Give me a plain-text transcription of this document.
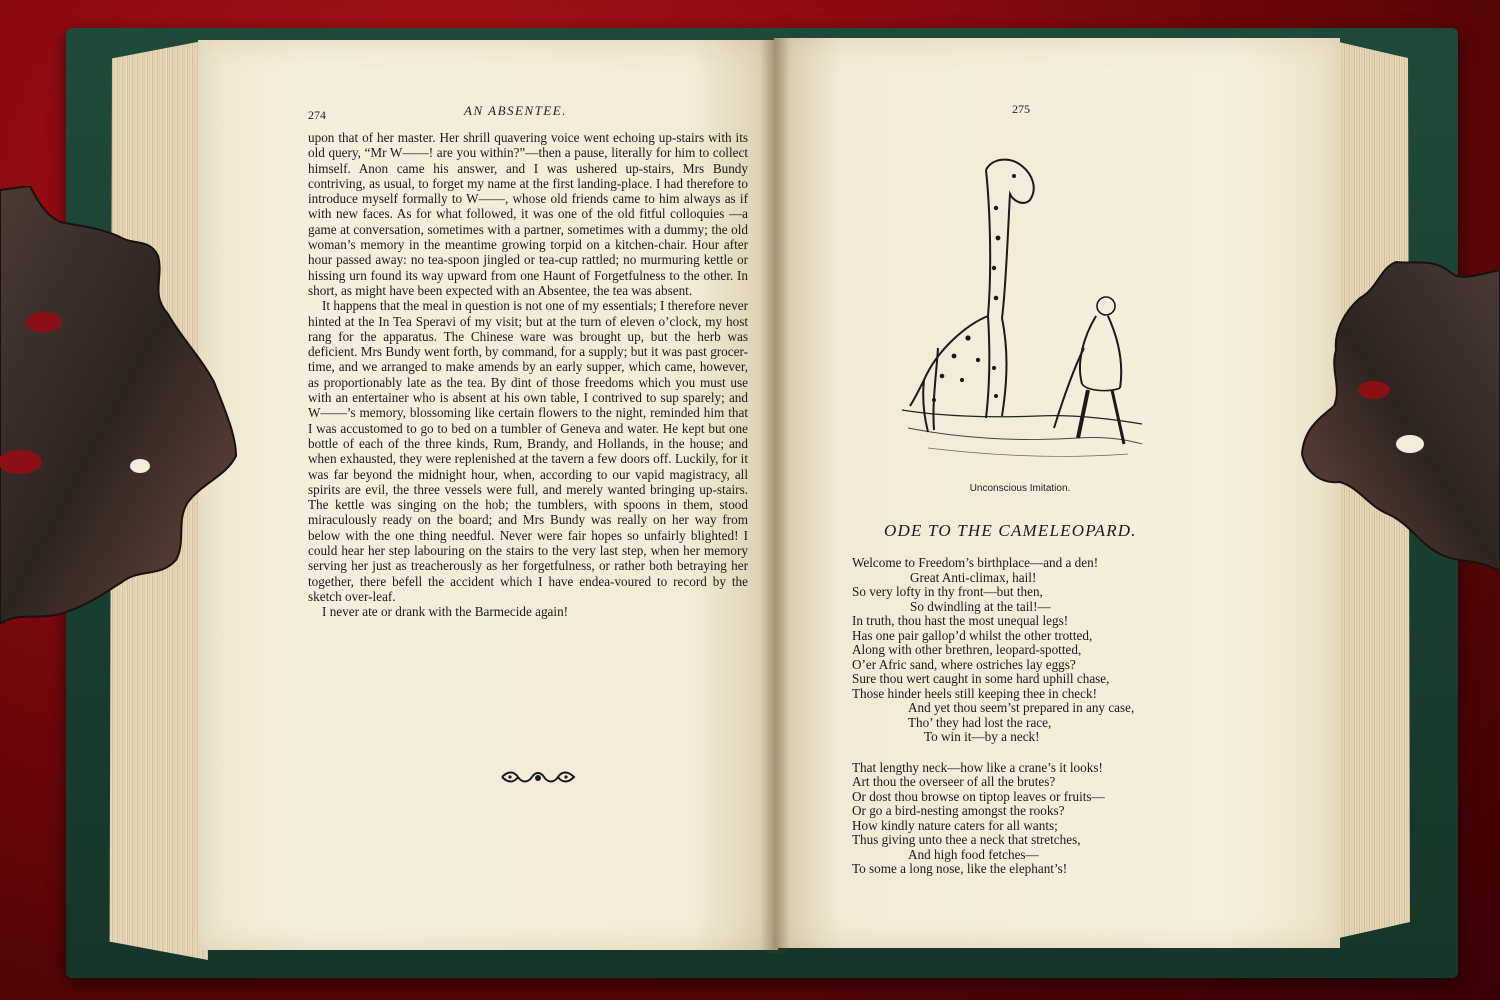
274	AN ABSENTEE.

upon that of her master. Her shrill quavering voice went echoing up-stairs with its old query, “Mr W——! are you within?”—then a pause, literally for him to collect himself. Anon came his answer, and I was ushered up-stairs, Mrs Bundy contriving, as usual, to forget my name at the first landing-place. I had therefore to introduce myself formally to W——, whose old friends came to him always as if with new faces. As for what followed, it was one of the old fitful colloquies —a game at conversation, sometimes with a partner, sometimes with a dummy; the old woman’s memory in the meantime growing torpid on a kitchen-chair. Hour after hour passed away: no tea-spoon jingled or tea-cup rattled; no murmuring kettle or hissing urn found its way upward from one Haunt of Forgetfulness to the other. In short, as might have been expected with an Absentee, the tea was absent.

It happens that the meal in question is not one of my essentials; I therefore never hinted at the In Tea Speravi of my visit; but at the turn of eleven o’clock, my host rang for the apparatus. The Chinese ware was brought up, but the herb was deficient. Mrs Bundy went forth, by command, for a supply; but it was past grocer-time, and we arranged to make amends by an early supper, which came, however, as proportionably late as the tea. By dint of those freedoms which you must use with an entertainer who is absent at his own table, I contrived to sup sparely; and W——’s memory, blossoming like certain flowers to the night, reminded him that I was accustomed to go to bed on a tumbler of Geneva and water. He kept but one bottle of each of the three kinds, Rum, Brandy, and Hollands, in the house; and when exhausted, they were replenished at the tavern a few doors off. Luckily, for it was far beyond the midnight hour, when, according to our vapid magistracy, all spirits are evil, the three vessels were full, and merely wanted bringing up-stairs. The kettle was singing on the hob; the tumblers, with spoons in them, stood miraculously ready on the board; and Mrs Bundy was really on her way from below with the one thing needful. Never were fair hopes so unfairly blighted! I could hear her step labouring on the stairs to the very last step, when her memory serving her just as treacherously as her forgetfulness, or rather both betraying her together, there befell the accident which I have endea-voured to record by the sketch over-leaf.

I never ate or drank with the Barmecide again!

275
Unconscious Imitation.
ODE TO THE CAMELEOPARD.
Welcome to Freedom’s birthplace—and a den!
Great Anti-climax, hail!
So very lofty in thy front—but then,
So dwindling at the tail!—
In truth, thou hast the most unequal legs!
Has one pair gallop’d whilst the other trotted,
Along with other brethren, leopard-spotted,
O’er Afric sand, where ostriches lay eggs?
Sure thou wert caught in some hard uphill chase,
Those hinder heels still keeping thee in check!
And yet thou seem’st prepared in any case,
Tho’ they had lost the race,
To win it—by a neck!
That lengthy neck—how like a crane’s it looks!
Art thou the overseer of all the brutes?
Or dost thou browse on tiptop leaves or fruits—
Or go a bird-nesting amongst the rooks?
How kindly nature caters for all wants;
Thus giving unto thee a neck that stretches,
And high food fetches—
To some a long nose, like the elephant’s!
